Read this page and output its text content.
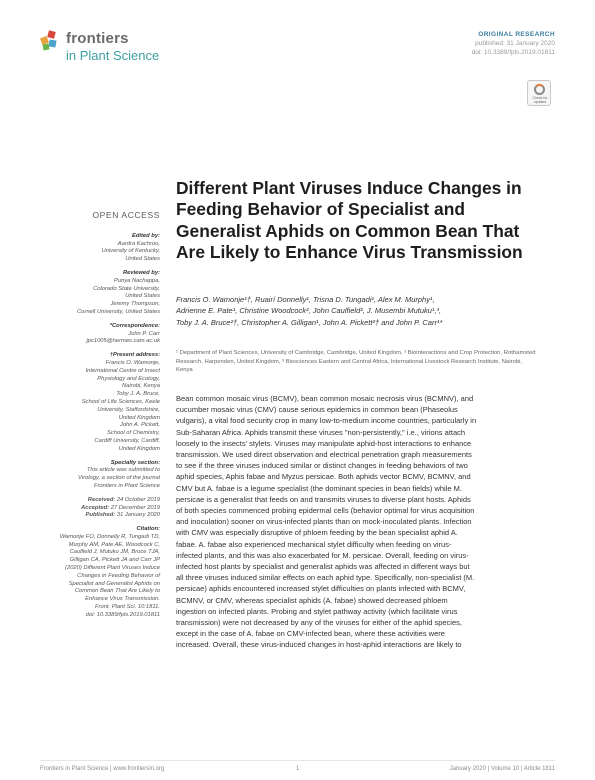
frontiers
in Plant Science
ORIGINAL RESEARCH
published: 31 January 2020
doi: 10.3389/fpls.2019.01811
Check for updates
OPEN ACCESS
Edited by:
Aardra Kachroo,
University of Kentucky,
United States
Reviewed by:
Punya Nachappa,
Colorado State University,
United States
Jeremy Thompson,
Cornell University, United States
*Correspondence:
John P. Carr
jpc1005@hermes.cam.ac.uk
†Present address:
Francis O. Wamonje,
International Centre of Insect
Physiology and Ecology,
Nairobi, Kenya
Toby J. A. Bruce,
School of Life Sciences, Keele
University, Staffordshire,
United Kingdom
John A. Pickett,
School of Chemistry,
Cardiff University, Cardiff,
United Kingdom
Specialty section:
This article was submitted to
Virology, a section of the journal
Frontiers in Plant Science
Received: 24 October 2019
Accepted: 27 December 2019
Published: 31 January 2020
Citation:
Wamonje FO, Donnelly R, Tungadi TD,
Murphy AM, Pate AE, Woodcock C,
Caulfield J, Mutuku JM, Bruce TJA,
Gilligan CA, Pickett JA and Carr JP
(2020) Different Plant Viruses Induce
Changes in Feeding Behavior of
Specialist and Generalist Aphids on
Common Bean That Are Likely to
Enhance Virus Transmission.
Front. Plant Sci. 10:1811.
doi: 10.3389/fpls.2019.01811
Different Plant Viruses Induce Changes in Feeding Behavior of Specialist and Generalist Aphids on Common Bean That Are Likely to Enhance Virus Transmission
Francis O. Wamonje¹†, Ruairí Donnelly¹, Trisna D. Tungadi¹, Alex M. Murphy¹,
Adrienne E. Pate¹, Christine Woodcock², John Caulfield², J. Musembi Mutuku¹,³,
Toby J. A. Bruce²†, Christopher A. Gilligan¹, John A. Pickett²† and John P. Carr¹*
¹ Department of Plant Sciences, University of Cambridge, Cambridge, United Kingdom, ² Biointeractions and Crop Protection, Rothamsted Research, Harpenden, United Kingdom, ³ Biosciences Eastern and Central Africa, International Livestock Research Institute, Nairobi, Kenya
Bean common mosaic virus (BCMV), bean common mosaic necrosis virus (BCMNV), and
cucumber mosaic virus (CMV) cause serious epidemics in common bean (Phaseolus
vulgaris), a vital food security crop in many low-to-medium income countries, particularly in
Sub-Saharan Africa. Aphids transmit these viruses "non-persistently," i.e., virions attach
loosely to the insects' stylets. Viruses may manipulate aphid-host interactions to enhance
transmission. We used direct observation and electrical penetration graph measurements
to see if the three viruses induced similar or distinct changes in feeding behaviors of two
aphid species, Aphis fabae and Myzus persicae. Both aphids vector BCMV, BCMNV, and
CMV but A. fabae is a legume specialist (the dominant species in bean fields) while M.
persicae is a generalist that feeds on and transmits viruses to diverse plant hosts. Aphids
of both species commenced probing epidermal cells (behavior optimal for virus acquisition
and inoculation) sooner on virus-infected plants than on mock-inoculated plants. Infection
with CMV was especially disruptive of phloem feeding by the bean specialist aphid A.
fabae. A. fabae also experienced mechanical stylet difficulty when feeding on virus-
infected plants, and this was also exacerbated for M. persicae. Overall, feeding on virus-
infected host plants by specialist and generalist aphids was affected in different ways but
all three viruses induced similar effects on each aphid type. Specifically, non-specialist (M.
persicae) aphids encountered increased stylet difficulties on plants infected with BCMV,
BCMNV, or CMV, whereas specialist aphids (A. fabae) showed decreased phloem
ingestion on infected plants. Probing and stylet pathway activity (which facilitate virus
transmission) were not decreased by any of the viruses for either of the aphid species,
except in the case of A. fabae on CMV-infected bean, where these activities were
increased. Overall, these virus-induced changes in host-aphid interactions are likely to
Frontiers in Plant Science | www.frontiersin.org	1	January 2020 | Volume 10 | Article 1811
